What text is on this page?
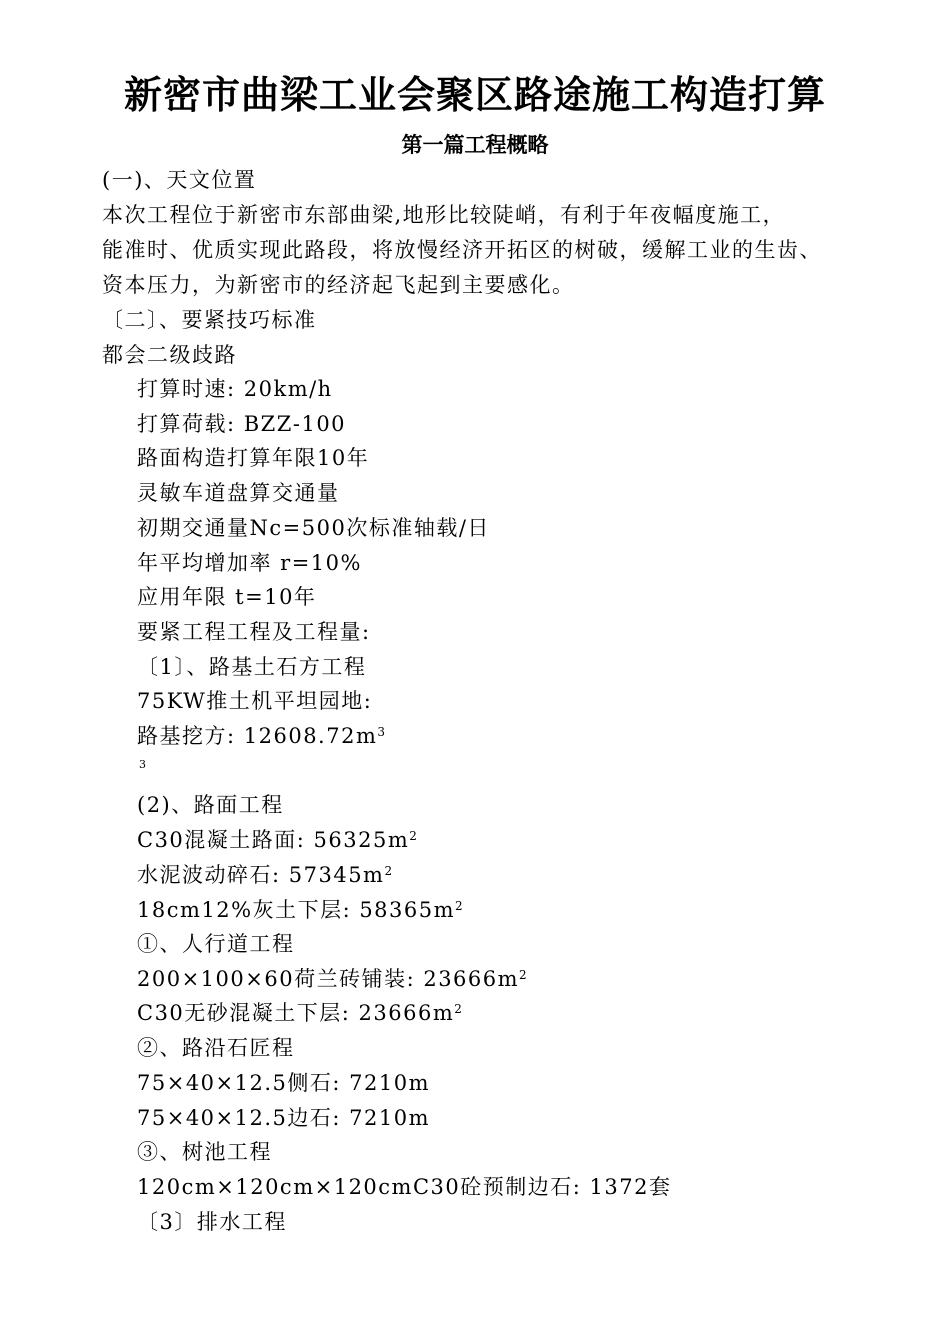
新密市曲梁工业会聚区路途施工构造打算
第一篇工程概略
(一)、天文位置
本次工程位于新密市东部曲梁,地形比较陡峭，有利于年夜幅度施工，
能准时、优质实现此路段，将放慢经济开拓区的树破，缓解工业的生齿、
资本压力，为新密市的经济起飞起到主要感化。
〔二〕、要紧技巧标准
都会二级歧路
打算时速: 20km/h
打算荷载: BZZ-100
路面构造打算年限10年
灵敏车道盘算交通量
初期交通量Nc=500次标准轴载/日
年平均增加率 r=10%
应用年限 t=10年
要紧工程工程及工程量:
〔1〕、路基土石方工程
75KW推土机平坦园地:
路基挖方: $12608.72m^3$
3
(2)、路面工程
C30混凝土路面: $56325m^2$
水泥波动碎石: $57345m^2$
18cm12%灰土下层: $58365m^2$
①、人行道工程
200×100×60荷兰砖铺装: $23666m^2$
C30无砂混凝土下层: $23666m^2$
②、路沿石匠程
75×40×12.5侧石: 7210m
75×40×12.5边石: 7210m
③、树池工程
120cm×120cm×120cmC30砼预制边石: 1372套
〔3〕排水工程
